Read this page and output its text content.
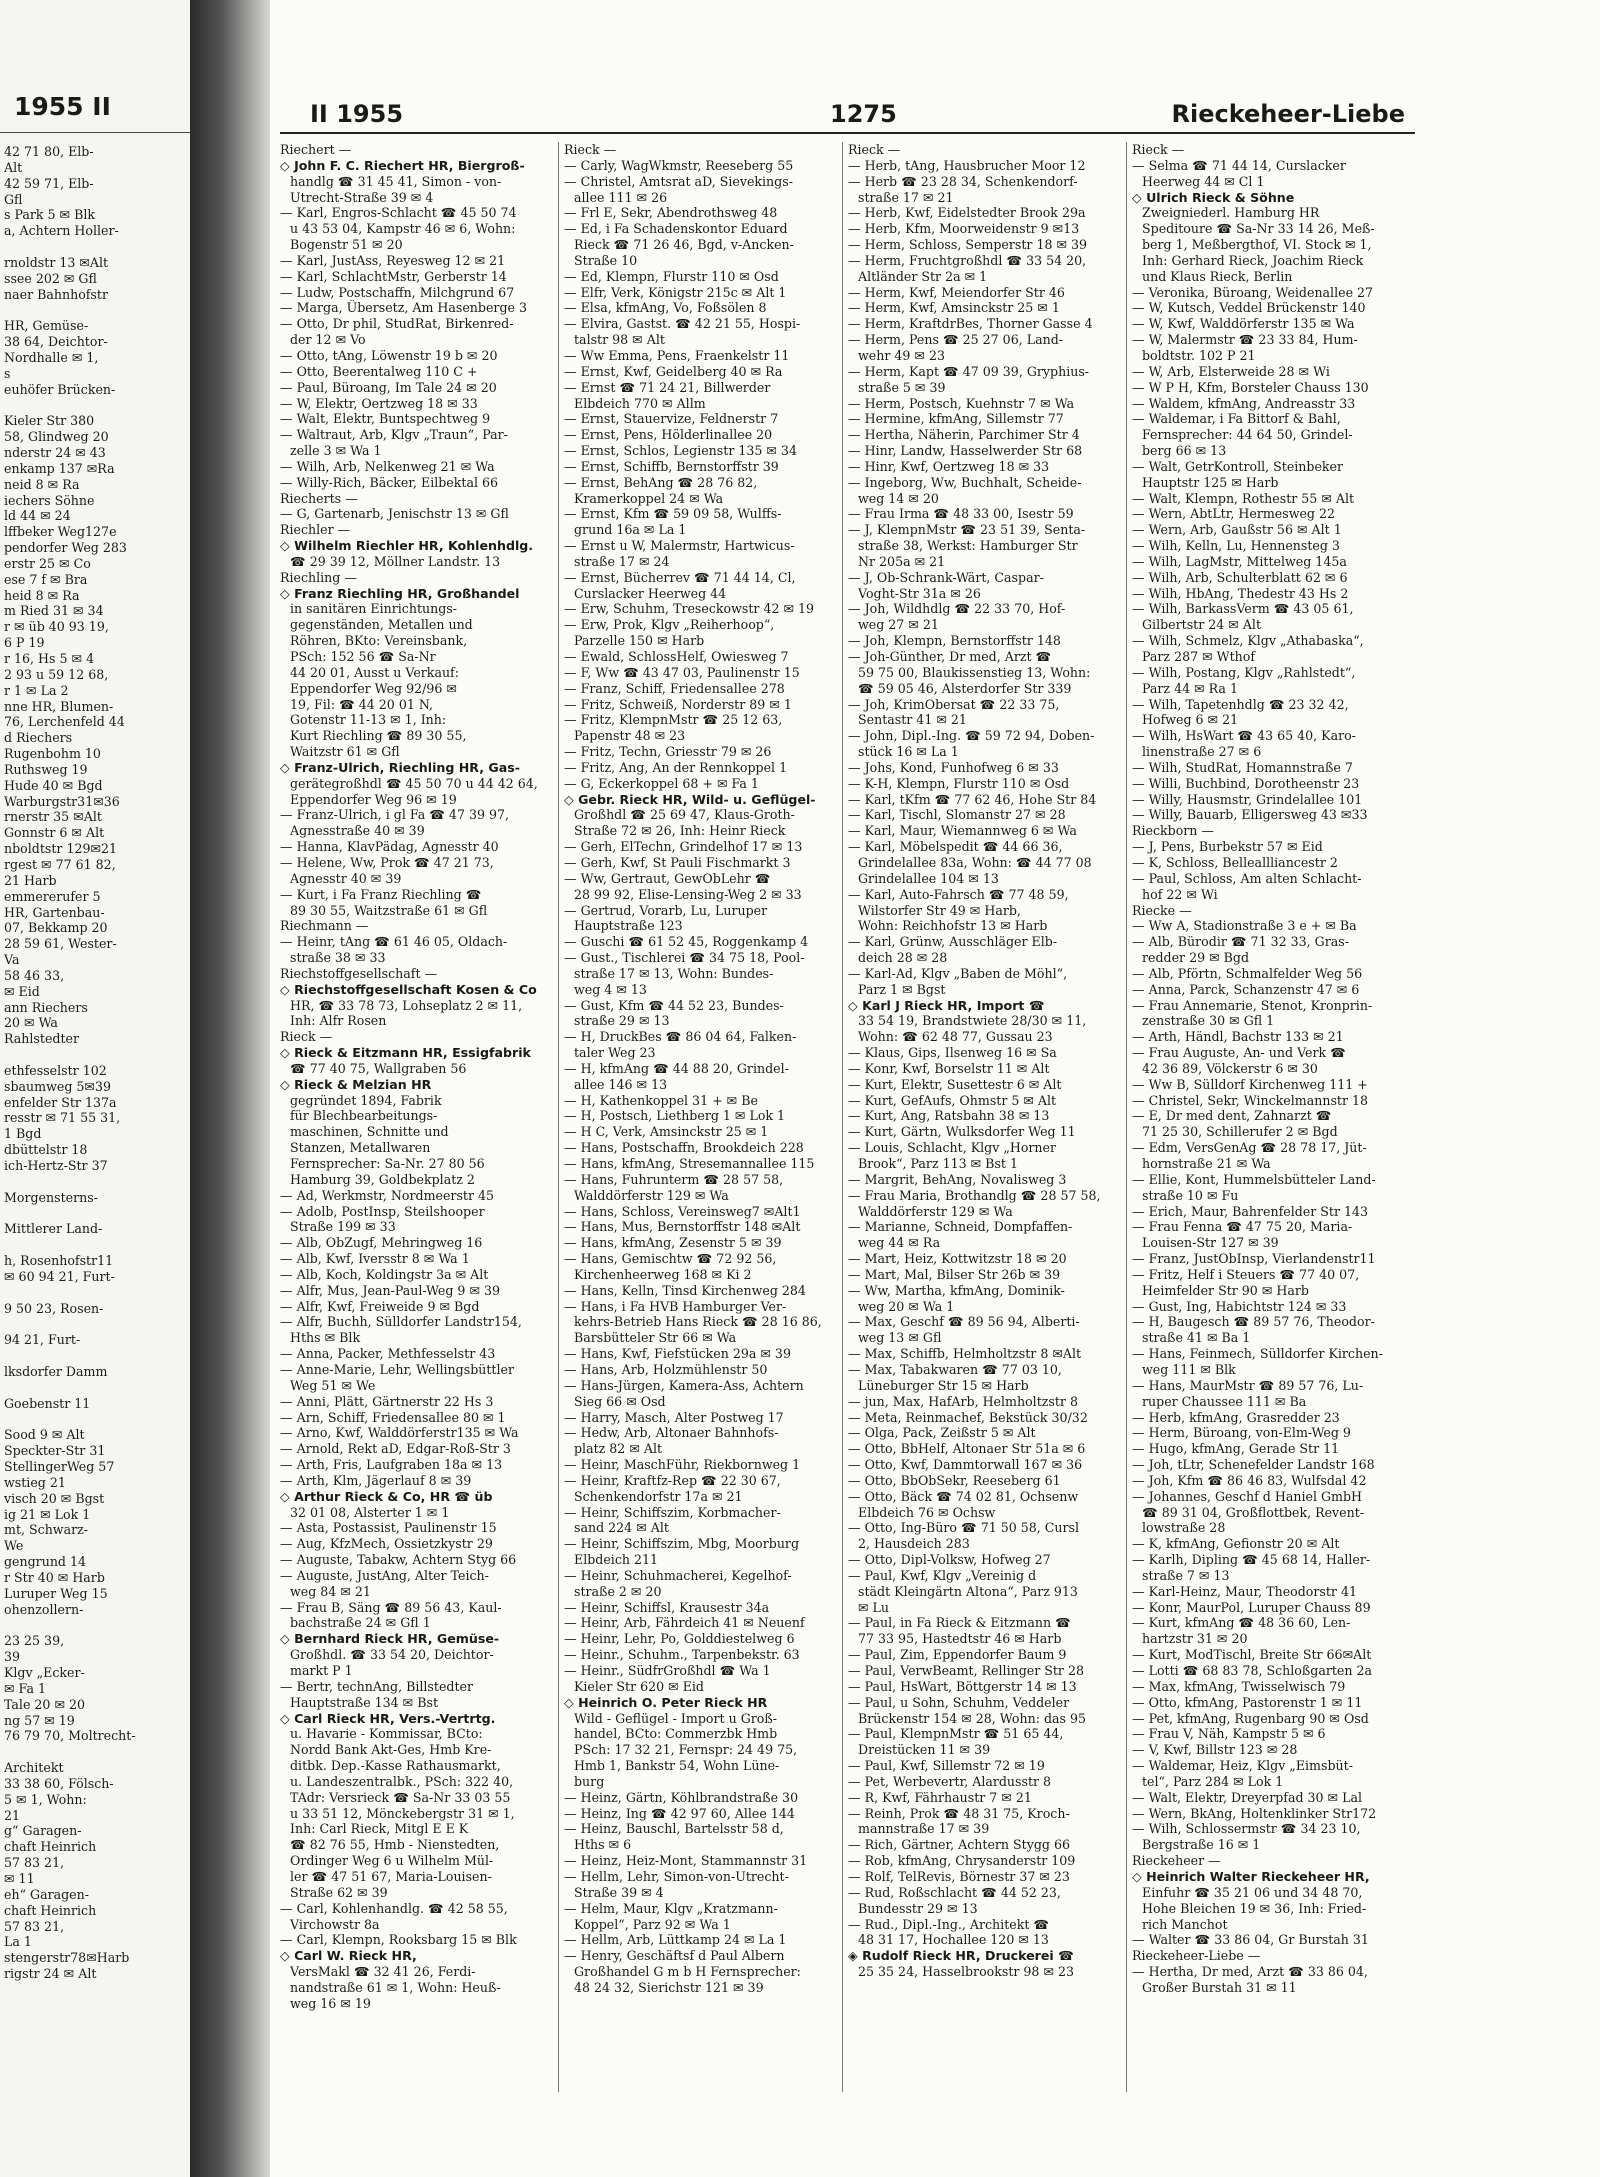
1955 II
42 71 80, Elb-
Alt
42 59 71, Elb-
Gfl
s Park 5 ✉ Blk
a, Achtern Holler-
rnoldstr 13 ✉Alt
ssee 202 ✉ Gfl
naer Bahnhofstr
HR, Gemüse-
38 64, Deichtor-
Nordhalle ✉ 1,
s
euhöfer Brücken-
Kieler Str 380
58, Glindweg 20
nderstr 24 ✉ 43
enkamp 137 ✉Ra
neid 8 ✉ Ra
iechers Söhne
ld 44 ✉ 24
lffbeker Weg127e
pendorfer Weg 283
erstr 25 ✉ Co
ese 7 f ✉ Bra
heid 8 ✉ Ra
m Ried 31 ✉ 34
r ✉ üb 40 93 19,
6 P 19
r 16, Hs 5 ✉ 4
2 93 u 59 12 68,
r 1 ✉ La 2
nne HR, Blumen-
76, Lerchenfeld 44
d Riechers
Rugenbohm 10
Ruthsweg 19
Hude 40 ✉ Bgd
Warburgstr31✉36
rnerstr 35 ✉Alt
Gonnstr 6 ✉ Alt
nboldtstr 129✉21
rgest ✉ 77 61 82,
21 Harb
emmererufer 5
HR, Gartenbau-
07, Bekkamp 20
28 59 61, Wester-
Va
58 46 33,
✉ Eid
ann Riechers
20 ✉ Wa
Rahlstedter
ethfesselstr 102
sbaumweg 5✉39
enfelder Str 137a
resstr ✉ 71 55 31,
1 Bgd
dbüttelstr 18
ich-Hertz-Str 37
Morgensterns-
Mittlerer Land-
h, Rosenhofstr11
✉ 60 94 21, Furt-
9 50 23, Rosen-
94 21, Furt-
lksdorfer Damm
Goebenstr 11
Sood 9 ✉ Alt
Speckter-Str 31
StellingerWeg 57
wstieg 21
visch 20 ✉ Bgst
ig 21 ✉ Lok 1
mt, Schwarz-
We
gengrund 14
r Str 40 ✉ Harb
Luruper Weg 15
ohenzollern-
23 25 39,
39
Klgv „Ecker-
✉ Fa 1
Tale 20 ✉ 20
ng 57 ✉ 19
76 79 70, Moltrecht-
Architekt
33 38 60, Fölsch-
5 ✉ 1, Wohn:
21
g“ Garagen-
chaft Heinrich
57 83 21,
✉ 11
eh“ Garagen-
chaft Heinrich
57 83 21,
La 1
stengerstr78✉Harb
rigstr 24 ✉ Alt
II 1955	1275	Rieckeheer-Liebe
Riechert —
◇ John F. C. Riechert HR, Biergroß-
handlg ☎ 31 45 41, Simon - von-
Utrecht-Straße 39 ✉ 4
— Karl, Engros-Schlacht ☎ 45 50 74
u 43 53 04, Kampstr 46 ✉ 6, Wohn:
Bogenstr 51 ✉ 20
— Karl, JustAss, Reyesweg 12 ✉ 21
— Karl, SchlachtMstr, Gerberstr 14
— Ludw, Postschaffn, Milchgrund 67
— Marga, Übersetz, Am Hasenberge 3
— Otto, Dr phil, StudRat, Birkenred-
der 12 ✉ Vo
— Otto, tAng, Löwenstr 19 b ✉ 20
— Otto, Beerentalweg 110 C +
— Paul, Büroang, Im Tale 24 ✉ 20
— W, Elektr, Oertzweg 18 ✉ 33
— Walt, Elektr, Buntspechtweg 9
— Waltraut, Arb, Klgv „Traun“, Par-
zelle 3 ✉ Wa 1
— Wilh, Arb, Nelkenweg 21 ✉ Wa
— Willy-Rich, Bäcker, Eilbektal 66
Riecherts —
— G, Gartenarb, Jenischstr 13 ✉ Gfl
Riechler —
◇ Wilhelm Riechler HR, Kohlenhdlg.
☎ 29 39 12, Möllner Landstr. 13
Riechling —
◇ Franz Riechling HR, Großhandel
in sanitären Einrichtungs-
gegenständen, Metallen und
Röhren, BKto: Vereinsbank,
PSch: 152 56 ☎ Sa-Nr
44 20 01, Ausst u Verkauf:
Eppendorfer Weg 92/96 ✉
19, Fil: ☎ 44 20 01 N,
Gotenstr 11-13 ✉ 1, Inh:
Kurt Riechling ☎ 89 30 55,
Waitzstr 61 ✉ Gfl
◇ Franz-Ulrich, Riechling HR, Gas-
gerätegroßhdl ☎ 45 50 70 u 44 42 64,
Eppendorfer Weg 96 ✉ 19
— Franz-Ulrich, i gl Fa ☎ 47 39 97,
Agnesstraße 40 ✉ 39
— Hanna, KlavPädag, Agnesstr 40
— Helene, Ww, Prok ☎ 47 21 73,
Agnesstr 40 ✉ 39
— Kurt, i Fa Franz Riechling ☎
89 30 55, Waitzstraße 61 ✉ Gfl
Riechmann —
— Heinr, tAng ☎ 61 46 05, Oldach-
straße 38 ✉ 33
Riechstoffgesellschaft —
◇ Riechstoffgesellschaft Kosen & Co
HR, ☎ 33 78 73, Lohseplatz 2 ✉ 11,
Inh: Alfr Rosen
Rieck —
◇ Rieck & Eitzmann HR, Essigfabrik
☎ 77 40 75, Wallgraben 56
◇ Rieck & Melzian HR
gegründet 1894, Fabrik
für Blechbearbeitungs-
maschinen, Schnitte und
Stanzen, Metallwaren
Fernsprecher: Sa-Nr. 27 80 56
Hamburg 39, Goldbekplatz 2
— Ad, Werkmstr, Nordmeerstr 45
— Adolb, PostInsp, Steilshooper
Straße 199 ✉ 33
— Alb, ObZugf, Mehringweg 16
— Alb, Kwf, Iversstr 8 ✉ Wa 1
— Alb, Koch, Koldingstr 3a ✉ Alt
— Alfr, Mus, Jean-Paul-Weg 9 ✉ 39
— Alfr, Kwf, Freiweide 9 ✉ Bgd
— Alfr, Buchh, Sülldorfer Landstr154,
Hths ✉ Blk
— Anna, Packer, Methfesselstr 43
— Anne-Marie, Lehr, Wellingsbüttler
Weg 51 ✉ We
— Anni, Plätt, Gärtnerstr 22 Hs 3
— Arn, Schiff, Friedensallee 80 ✉ 1
— Arno, Kwf, Walddörferstr135 ✉ Wa
— Arnold, Rekt aD, Edgar-Roß-Str 3
— Arth, Fris, Laufgraben 18a ✉ 13
— Arth, Klm, Jägerlauf 8 ✉ 39
◇ Arthur Rieck & Co, HR ☎ üb
32 01 08, Alsterter 1 ✉ 1
— Asta, Postassist, Paulinenstr 15
— Aug, KfzMech, Ossietzkystr 29
— Auguste, Tabakw, Achtern Styg 66
— Auguste, JustAng, Alter Teich-
weg 84 ✉ 21
— Frau B, Säng ☎ 89 56 43, Kaul-
bachstraße 24 ✉ Gfl 1
◇ Bernhard Rieck HR, Gemüse-
Großhdl. ☎ 33 54 20, Deichtor-
markt P 1
— Bertr, technAng, Billstedter
Hauptstraße 134 ✉ Bst
◇ Carl Rieck HR, Vers.-Vertrtg.
u. Havarie - Kommissar, BCto:
Nordd Bank Akt-Ges, Hmb Kre-
ditbk. Dep.-Kasse Rathausmarkt,
u. Landeszentralbk., PSch: 322 40,
TAdr: Versrieck ☎ Sa-Nr 33 03 55
u 33 51 12, Mönckebergstr 31 ✉ 1,
Inh: Carl Rieck, Mitgl E E K
☎ 82 76 55, Hmb - Nienstedten,
Ordinger Weg 6 u Wilhelm Mül-
ler ☎ 47 51 67, Maria-Louisen-
Straße 62 ✉ 39
— Carl, Kohlenhandlg. ☎ 42 58 55,
Virchowstr 8a
— Carl, Klempn, Rooksbarg 15 ✉ Blk
◇ Carl W. Rieck HR,
VersMakl ☎ 32 41 26, Ferdi-
nandstraße 61 ✉ 1, Wohn: Heuß-
weg 16 ✉ 19
Rieck —
— Carly, WagWkmstr, Reeseberg 55
— Christel, Amtsrat aD, Sievekings-
allee 111 ✉ 26
— Frl E, Sekr, Abendrothsweg 48
— Ed, i Fa Schadenskontor Eduard
Rieck ☎ 71 26 46, Bgd, v-Ancken-
Straße 10
— Ed, Klempn, Flurstr 110 ✉ Osd
— Elfr, Verk, Königstr 215c ✉ Alt 1
— Elsa, kfmAng, Vo, Foßsölen 8
— Elvira, Gastst. ☎ 42 21 55, Hospi-
talstr 98 ✉ Alt
— Ww Emma, Pens, Fraenkelstr 11
— Ernst, Kwf, Geidelberg 40 ✉ Ra
— Ernst ☎ 71 24 21, Billwerder
Elbdeich 770 ✉ Allm
— Ernst, Stauervize, Feldnerstr 7
— Ernst, Pens, Hölderlinallee 20
— Ernst, Schlos, Legienstr 135 ✉ 34
— Ernst, Schiffb, Bernstorffstr 39
— Ernst, BehAng ☎ 28 76 82,
Kramerkoppel 24 ✉ Wa
— Ernst, Kfm ☎ 59 09 58, Wulffs-
grund 16a ✉ La 1
— Ernst u W, Malermstr, Hartwicus-
straße 17 ✉ 24
— Ernst, Bücherrev ☎ 71 44 14, Cl,
Curslacker Heerweg 44
— Erw, Schuhm, Treseckowstr 42 ✉ 19
— Erw, Prok, Klgv „Reiherhoop“,
Parzelle 150 ✉ Harb
— Ewald, SchlossHelf, Owiesweg 7
— F, Ww ☎ 43 47 03, Paulinenstr 15
— Franz, Schiff, Friedensallee 278
— Fritz, Schweiß, Norderstr 89 ✉ 1
— Fritz, KlempnMstr ☎ 25 12 63,
Papenstr 48 ✉ 23
— Fritz, Techn, Griesstr 79 ✉ 26
— Fritz, Ang, An der Rennkoppel 1
— G, Eckerkoppel 68 + ✉ Fa 1
◇ Gebr. Rieck HR, Wild- u. Geflügel-
Großhdl ☎ 25 69 47, Klaus-Groth-
Straße 72 ✉ 26, Inh: Heinr Rieck
— Gerh, ElTechn, Grindelhof 17 ✉ 13
— Gerh, Kwf, St Pauli Fischmarkt 3
— Ww, Gertraut, GewObLehr ☎
28 99 92, Elise-Lensing-Weg 2 ✉ 33
— Gertrud, Vorarb, Lu, Luruper
Hauptstraße 123
— Guschi ☎ 61 52 45, Roggenkamp 4
— Gust., Tischlerei ☎ 34 75 18, Pool-
straße 17 ✉ 13, Wohn: Bundes-
weg 4 ✉ 13
— Gust, Kfm ☎ 44 52 23, Bundes-
straße 29 ✉ 13
— H, DruckBes ☎ 86 04 64, Falken-
taler Weg 23
— H, kfmAng ☎ 44 88 20, Grindel-
allee 146 ✉ 13
— H, Kathenkoppel 31 + ✉ Be
— H, Postsch, Liethberg 1 ✉ Lok 1
— H C, Verk, Amsinckstr 25 ✉ 1
— Hans, Postschaffn, Brookdeich 228
— Hans, kfmAng, Stresemannallee 115
— Hans, Fuhrunterm ☎ 28 57 58,
Walddörferstr 129 ✉ Wa
— Hans, Schloss, Vereinsweg7 ✉Alt1
— Hans, Mus, Bernstorffstr 148 ✉Alt
— Hans, kfmAng, Zesenstr 5 ✉ 39
— Hans, Gemischtw ☎ 72 92 56,
Kirchenheerweg 168 ✉ Ki 2
— Hans, Kelln, Tinsd Kirchenweg 284
— Hans, i Fa HVB Hamburger Ver-
kehrs-Betrieb Hans Rieck ☎ 28 16 86,
Barsbütteler Str 66 ✉ Wa
— Hans, Kwf, Fiefstücken 29a ✉ 39
— Hans, Arb, Holzmühlenstr 50
— Hans-Jürgen, Kamera-Ass, Achtern
Sieg 66 ✉ Osd
— Harry, Masch, Alter Postweg 17
— Hedw, Arb, Altonaer Bahnhofs-
platz 82 ✉ Alt
— Heinr, MaschFühr, Riekbornweg 1
— Heinr, Kraftfz-Rep ☎ 22 30 67,
Schenkendorfstr 17a ✉ 21
— Heinr, Schiffszim, Korbmacher-
sand 224 ✉ Alt
— Heinr, Schiffszim, Mbg, Moorburg
Elbdeich 211
— Heinr, Schuhmacherei, Kegelhof-
straße 2 ✉ 20
— Heinr, Schiffsl, Krausestr 34a
— Heinr, Arb, Fährdeich 41 ✉ Neuenf
— Heinr, Lehr, Po, Golddiestelweg 6
— Heinr., Schuhm., Tarpenbekstr. 63
— Heinr., SüdfrGroßhdl ☎ Wa 1
Kieler Str 620 ✉ Eid
◇ Heinrich O. Peter Rieck HR
Wild - Geflügel - Import u Groß-
handel, BCto: Commerzbk Hmb
PSch: 17 32 21, Fernspr: 24 49 75,
Hmb 1, Bankstr 54, Wohn Lüne-
burg
— Heinz, Gärtn, Köhlbrandstraße 30
— Heinz, Ing ☎ 42 97 60, Allee 144
— Heinz, Bauschl, Bartelsstr 58 d,
Hths ✉ 6
— Heinz, Heiz-Mont, Stammannstr 31
— Hellm, Lehr, Simon-von-Utrecht-
Straße 39 ✉ 4
— Helm, Maur, Klgv „Kratzmann-
Koppel“, Parz 92 ✉ Wa 1
— Hellm, Arb, Lüttkamp 24 ✉ La 1
— Henry, Geschäftsf d Paul Albern
Großhandel G m b H Fernsprecher:
48 24 32, Sierichstr 121 ✉ 39
Rieck —
— Herb, tAng, Hausbrucher Moor 12
— Herb ☎ 23 28 34, Schenkendorf-
straße 17 ✉ 21
— Herb, Kwf, Eidelstedter Brook 29a
— Herb, Kfm, Moorweidenstr 9 ✉13
— Herm, Schloss, Semperstr 18 ✉ 39
— Herm, Fruchtgroßhdl ☎ 33 54 20,
Altländer Str 2a ✉ 1
— Herm, Kwf, Meiendorfer Str 46
— Herm, Kwf, Amsinckstr 25 ✉ 1
— Herm, KraftdrBes, Thorner Gasse 4
— Herm, Pens ☎ 25 27 06, Land-
wehr 49 ✉ 23
— Herm, Kapt ☎ 47 09 39, Gryphius-
straße 5 ✉ 39
— Herm, Postsch, Kuehnstr 7 ✉ Wa
— Hermine, kfmAng, Sillemstr 77
— Hertha, Näherin, Parchimer Str 4
— Hinr, Landw, Hasselwerder Str 68
— Hinr, Kwf, Oertzweg 18 ✉ 33
— Ingeborg, Ww, Buchhalt, Scheide-
weg 14 ✉ 20
— Frau Irma ☎ 48 33 00, Isestr 59
— J, KlempnMstr ☎ 23 51 39, Senta-
straße 38, Werkst: Hamburger Str
Nr 205a ✉ 21
— J, Ob-Schrank-Wärt, Caspar-
Voght-Str 31a ✉ 26
— Joh, Wildhdlg ☎ 22 33 70, Hof-
weg 27 ✉ 21
— Joh, Klempn, Bernstorffstr 148
— Joh-Günther, Dr med, Arzt ☎
59 75 00, Blaukissenstieg 13, Wohn:
☎ 59 05 46, Alsterdorfer Str 339
— Joh, KrimObersat ☎ 22 33 75,
Sentastr 41 ✉ 21
— John, Dipl.-Ing. ☎ 59 72 94, Doben-
stück 16 ✉ La 1
— Johs, Kond, Funhofweg 6 ✉ 33
— K-H, Klempn, Flurstr 110 ✉ Osd
— Karl, tKfm ☎ 77 62 46, Hohe Str 84
— Karl, Tischl, Slomanstr 27 ✉ 28
— Karl, Maur, Wiemannweg 6 ✉ Wa
— Karl, Möbelspedit ☎ 44 66 36,
Grindelallee 83a, Wohn: ☎ 44 77 08
Grindelallee 104 ✉ 13
— Karl, Auto-Fahrsch ☎ 77 48 59,
Wilstorfer Str 49 ✉ Harb,
Wohn: Reichhofstr 13 ✉ Harb
— Karl, Grünw, Ausschläger Elb-
deich 28 ✉ 28
— Karl-Ad, Klgv „Baben de Möhl“,
Parz 1 ✉ Bgst
◇ Karl J Rieck HR, Import ☎
33 54 19, Brandstwiete 28/30 ✉ 11,
Wohn: ☎ 62 48 77, Gussau 23
— Klaus, Gips, Ilsenweg 16 ✉ Sa
— Konr, Kwf, Borselstr 11 ✉ Alt
— Kurt, Elektr, Susettestr 6 ✉ Alt
— Kurt, GefAufs, Ohmstr 5 ✉ Alt
— Kurt, Ang, Ratsbahn 38 ✉ 13
— Kurt, Gärtn, Wulksdorfer Weg 11
— Louis, Schlacht, Klgv „Horner
Brook“, Parz 113 ✉ Bst 1
— Margrit, BehAng, Novalisweg 3
— Frau Maria, Brothandlg ☎ 28 57 58,
Walddörferstr 129 ✉ Wa
— Marianne, Schneid, Dompfaffen-
weg 44 ✉ Ra
— Mart, Heiz, Kottwitzstr 18 ✉ 20
— Mart, Mal, Bilser Str 26b ✉ 39
— Ww, Martha, kfmAng, Dominik-
weg 20 ✉ Wa 1
— Max, Geschf ☎ 89 56 94, Alberti-
weg 13 ✉ Gfl
— Max, Schiffb, Helmholtzstr 8 ✉Alt
— Max, Tabakwaren ☎ 77 03 10,
Lüneburger Str 15 ✉ Harb
— jun, Max, HafArb, Helmholtzstr 8
— Meta, Reinmachef, Bekstück 30/32
— Olga, Pack, Zeißstr 5 ✉ Alt
— Otto, BbHelf, Altonaer Str 51a ✉ 6
— Otto, Kwf, Dammtorwall 167 ✉ 36
— Otto, BbObSekr, Reeseberg 61
— Otto, Bäck ☎ 74 02 81, Ochsenw
Elbdeich 76 ✉ Ochsw
— Otto, Ing-Büro ☎ 71 50 58, Cursl
2, Hausdeich 283
— Otto, Dipl-Volksw, Hofweg 27
— Paul, Kwf, Klgv „Vereinig d
städt Kleingärtn Altona“, Parz 913
✉ Lu
— Paul, in Fa Rieck & Eitzmann ☎
77 33 95, Hastedtstr 46 ✉ Harb
— Paul, Zim, Eppendorfer Baum 9
— Paul, VerwBeamt, Rellinger Str 28
— Paul, HsWart, Böttgerstr 14 ✉ 13
— Paul, u Sohn, Schuhm, Veddeler
Brückenstr 154 ✉ 28, Wohn: das 95
— Paul, KlempnMstr ☎ 51 65 44,
Dreistücken 11 ✉ 39
— Paul, Kwf, Sillemstr 72 ✉ 19
— Pet, Werbevertr, Alardusstr 8
— R, Kwf, Fährhaustr 7 ✉ 21
— Reinh, Prok ☎ 48 31 75, Kroch-
mannstraße 17 ✉ 39
— Rich, Gärtner, Achtern Stygg 66
— Rob, kfmAng, Chrysanderstr 109
— Rolf, TelRevis, Börnestr 37 ✉ 23
— Rud, Roßschlacht ☎ 44 52 23,
Bundesstr 29 ✉ 13
— Rud., Dipl.-Ing., Architekt ☎
48 31 17, Hochallee 120 ✉ 13
◈ Rudolf Rieck HR, Druckerei ☎
25 35 24, Hasselbrookstr 98 ✉ 23
Rieck —
— Selma ☎ 71 44 14, Curslacker
Heerweg 44 ✉ Cl 1
◇ Ulrich Rieck & Söhne
Zweigniederl. Hamburg HR
Speditoure ☎ Sa-Nr 33 14 26, Meß-
berg 1, Meßbergthof, VI. Stock ✉ 1,
Inh: Gerhard Rieck, Joachim Rieck
und Klaus Rieck, Berlin
— Veronika, Büroang, Weidenallee 27
— W, Kutsch, Veddel Brückenstr 140
— W, Kwf, Walddörferstr 135 ✉ Wa
— W, Malermstr ☎ 23 33 84, Hum-
boldtstr. 102 P 21
— W, Arb, Elsterweide 28 ✉ Wi
— W P H, Kfm, Borsteler Chauss 130
— Waldem, kfmAng, Andreasstr 33
— Waldemar, i Fa Bittorf & Bahl,
Fernsprecher: 44 64 50, Grindel-
berg 66 ✉ 13
— Walt, GetrKontroll, Steinbeker
Hauptstr 125 ✉ Harb
— Walt, Klempn, Rothestr 55 ✉ Alt
— Wern, AbtLtr, Hermesweg 22
— Wern, Arb, Gaußstr 56 ✉ Alt 1
— Wilh, Kelln, Lu, Hennensteg 3
— Wilh, LagMstr, Mittelweg 145a
— Wilh, Arb, Schulterblatt 62 ✉ 6
— Wilh, HbAng, Thedestr 43 Hs 2
— Wilh, BarkassVerm ☎ 43 05 61,
Gilbertstr 24 ✉ Alt
— Wilh, Schmelz, Klgv „Athabaska“,
Parz 287 ✉ Wthof
— Wilh, Postang, Klgv „Rahlstedt“,
Parz 44 ✉ Ra 1
— Wilh, Tapetenhdlg ☎ 23 32 42,
Hofweg 6 ✉ 21
— Wilh, HsWart ☎ 43 65 40, Karo-
linenstraße 27 ✉ 6
— Wilh, StudRat, Homannstraße 7
— Willi, Buchbind, Dorotheenstr 23
— Willy, Hausmstr, Grindelallee 101
— Willy, Bauarb, Elligersweg 43 ✉33
Rieckborn —
— J, Pens, Burbekstr 57 ✉ Eid
— K, Schloss, Belleallliancestr 2
— Paul, Schloss, Am alten Schlacht-
hof 22 ✉ Wi
Riecke —
— Ww A, Stadionstraße 3 e + ✉ Ba
— Alb, Bürodir ☎ 71 32 33, Gras-
redder 29 ✉ Bgd
— Alb, Pförtn, Schmalfelder Weg 56
— Anna, Parck, Schanzenstr 47 ✉ 6
— Frau Annemarie, Stenot, Kronprin-
zenstraße 30 ✉ Gfl 1
— Arth, Händl, Bachstr 133 ✉ 21
— Frau Auguste, An- und Verk ☎
42 36 89, Völckerstr 6 ✉ 30
— Ww B, Sülldorf Kirchenweg 111 +
— Christel, Sekr, Winckelmannstr 18
— E, Dr med dent, Zahnarzt ☎
71 25 30, Schillerufer 2 ✉ Bgd
— Edm, VersGenAg ☎ 28 78 17, Jüt-
hornstraße 21 ✉ Wa
— Ellie, Kont, Hummelsbütteler Land-
straße 10 ✉ Fu
— Erich, Maur, Bahrenfelder Str 143
— Frau Fenna ☎ 47 75 20, Maria-
Louisen-Str 127 ✉ 39
— Franz, JustObInsp, Vierlandenstr11
— Fritz, Helf i Steuers ☎ 77 40 07,
Heimfelder Str 90 ✉ Harb
— Gust, Ing, Habichtstr 124 ✉ 33
— H, Baugesch ☎ 89 57 76, Theodor-
straße 41 ✉ Ba 1
— Hans, Feinmech, Sülldorfer Kirchen-
weg 111 ✉ Blk
— Hans, MaurMstr ☎ 89 57 76, Lu-
ruper Chaussee 111 ✉ Ba
— Herb, kfmAng, Grasredder 23
— Herm, Büroang, von-Elm-Weg 9
— Hugo, kfmAng, Gerade Str 11
— Joh, tLtr, Schenefelder Landstr 168
— Joh, Kfm ☎ 86 46 83, Wulfsdal 42
— Johannes, Geschf d Haniel GmbH
☎ 89 31 04, Großflottbek, Revent-
lowstraße 28
— K, kfmAng, Gefionstr 20 ✉ Alt
— Karlh, Dipling ☎ 45 68 14, Haller-
straße 7 ✉ 13
— Karl-Heinz, Maur, Theodorstr 41
— Konr, MaurPol, Luruper Chauss 89
— Kurt, kfmAng ☎ 48 36 60, Len-
hartzstr 31 ✉ 20
— Kurt, ModTischl, Breite Str 66✉Alt
— Lotti ☎ 68 83 78, Schloßgarten 2a
— Max, kfmAng, Twisselwisch 79
— Otto, kfmAng, Pastorenstr 1 ✉ 11
— Pet, kfmAng, Rugenbarg 90 ✉ Osd
— Frau V, Näh, Kampstr 5 ✉ 6
— V, Kwf, Billstr 123 ✉ 28
— Waldemar, Heiz, Klgv „Eimsbüt-
tel“, Parz 284 ✉ Lok 1
— Walt, Elektr, Dreyerpfad 30 ✉ Lal
— Wern, BkAng, Holtenklinker Str172
— Wilh, Schlossermstr ☎ 34 23 10,
Bergstraße 16 ✉ 1
Rieckeheer —
◇ Heinrich Walter Rieckeheer HR,
Einfuhr ☎ 35 21 06 und 34 48 70,
Hohe Bleichen 19 ✉ 36, Inh: Fried-
rich Manchot
— Walter ☎ 33 86 04, Gr Burstah 31
Rieckeheer-Liebe —
— Hertha, Dr med, Arzt ☎ 33 86 04,
Großer Burstah 31 ✉ 11
